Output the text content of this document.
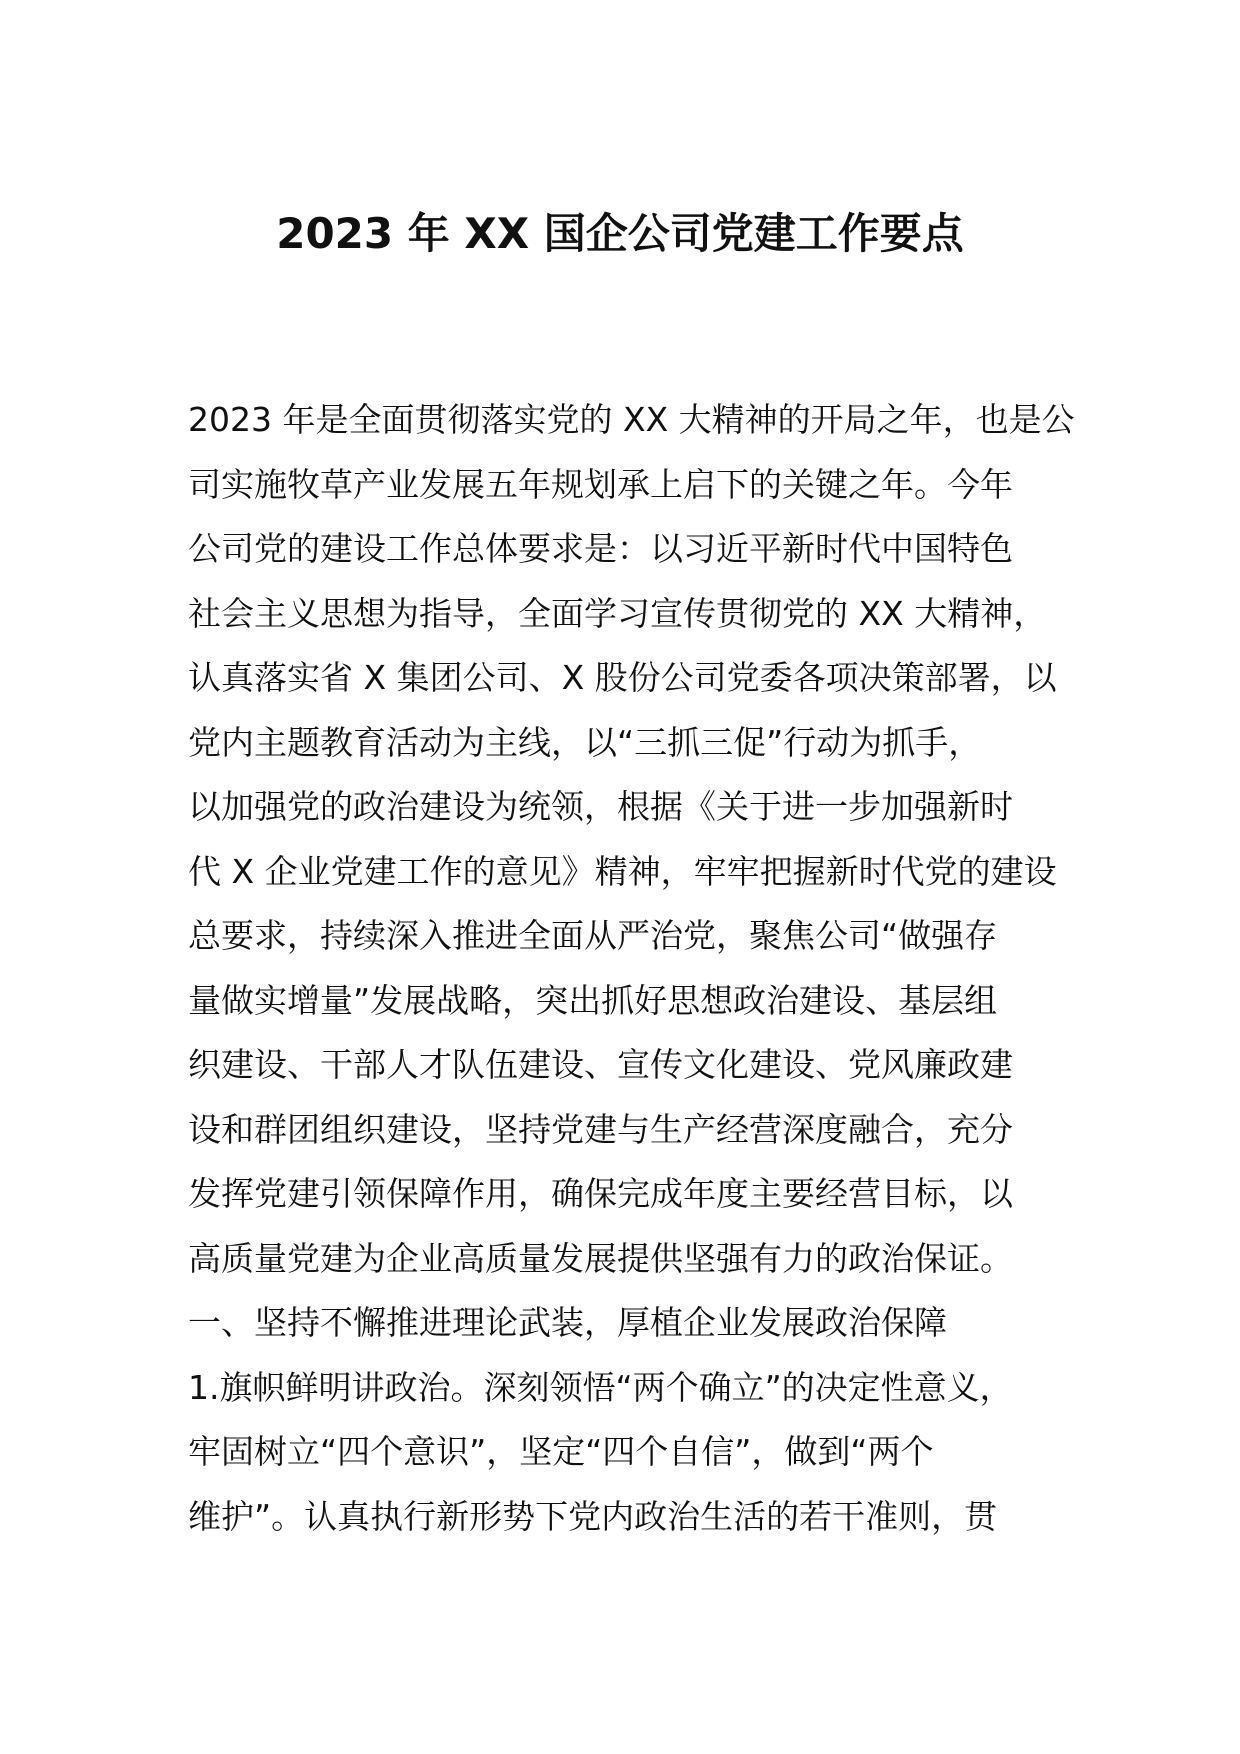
2023 年 XX 国企公司党建工作要点
2023 年是全面贯彻落实党的 XX 大精神的开局之年，也是公
司实施牧草产业发展五年规划承上启下的关键之年。今年
公司党的建设工作总体要求是：以习近平新时代中国特色
社会主义思想为指导，全面学习宣传贯彻党的 XX 大精神，
认真落实省 X 集团公司、X 股份公司党委各项决策部署，以
党内主题教育活动为主线，以“三抓三促”行动为抓手，
以加强党的政治建设为统领，根据《关于进一步加强新时
代 X 企业党建工作的意见》精神，牢牢把握新时代党的建设
总要求，持续深入推进全面从严治党，聚焦公司“做强存
量做实增量”发展战略，突出抓好思想政治建设、基层组
织建设、干部人才队伍建设、宣传文化建设、党风廉政建
设和群团组织建设，坚持党建与生产经营深度融合，充分
发挥党建引领保障作用，确保完成年度主要经营目标，以
高质量党建为企业高质量发展提供坚强有力的政治保证。
一、坚持不懈推进理论武装，厚植企业发展政治保障
1.旗帜鲜明讲政治。深刻领悟“两个确立”的决定性意义，
牢固树立“四个意识”，坚定“四个自信”，做到“两个
维护”。认真执行新形势下党内政治生活的若干准则，贯
